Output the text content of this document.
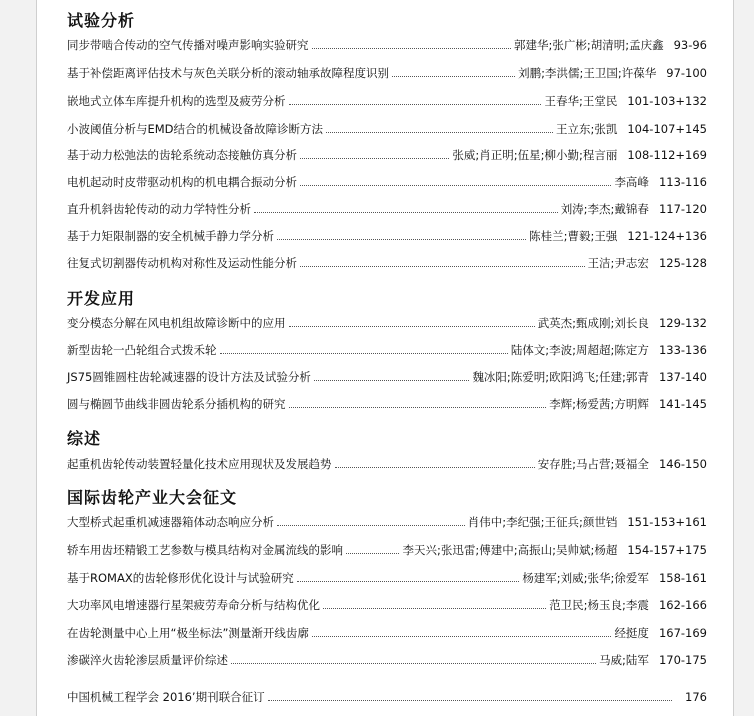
试验分析
同步带啮合传动的空气传播对噪声影响实验研究	郭建华;张广彬;胡清明;孟庆鑫 93-96
基于补偿距离评估技术与灰色关联分析的滚动轴承故障程度识别	刘鹏;李洪儒;王卫国;许葆华 97-100
嵌地式立体车库提升机构的选型及疲劳分析	王春华;王堂民 101-103+132
小波阈值分析与EMD结合的机械设备故障诊断方法	王立东;张凯 104-107+145
基于动力松弛法的齿轮系统动态接触仿真分析	张威;肖正明;伍星;柳小勤;程言丽 108-112+169
电机起动时皮带驱动机构的机电耦合振动分析	李高峰 113-116
直升机斜齿轮传动的动力学特性分析	刘涛;李杰;戴锦春 117-120
基于力矩限制器的安全机械手静力学分析	陈桂兰;曹毅;王强 121-124+136
往复式切割器传动机构对称性及运动性能分析	王洁;尹志宏 125-128
开发应用
变分模态分解在风电机组故障诊断中的应用	武英杰;甄成刚;刘长良 129-132
新型齿轮一凸轮组合式拨禾轮	陆体文;李波;周超超;陈定方 133-136
JS75圆锥圆柱齿轮减速器的设计方法及试验分析	魏冰阳;陈爱明;欧阳鸿飞;任建;郭青 137-140
圆与椭圆节曲线非圆齿轮系分插机构的研究	李辉;杨爱茜;方明辉 141-145
综述
起重机齿轮传动装置轻量化技术应用现状及发展趋势	安存胜;马占营;聂福全 146-150
国际齿轮产业大会征文
大型桥式起重机减速器箱体动态响应分析	肖伟中;李纪强;王征兵;颜世铛 151-153+161
轿车用齿坯精锻工艺参数与模具结构对金属流线的影响	李天兴;张迅雷;傅建中;高振山;吴帅斌;杨超 154-157+175
基于ROMAX的齿轮修形优化设计与试验研究	杨建军;刘威;张华;徐爱军 158-161
大功率风电增速器行星架疲劳寿命分析与结构优化	范卫民;杨玉良;李震 162-166
在齿轮测量中心上用“极坐标法”测量渐开线齿廓	经挺度 167-169
渗碳淬火齿轮渗层质量评价综述	马威;陆军 170-175
中国机械工程学会 2016’期刊联合征订	176
